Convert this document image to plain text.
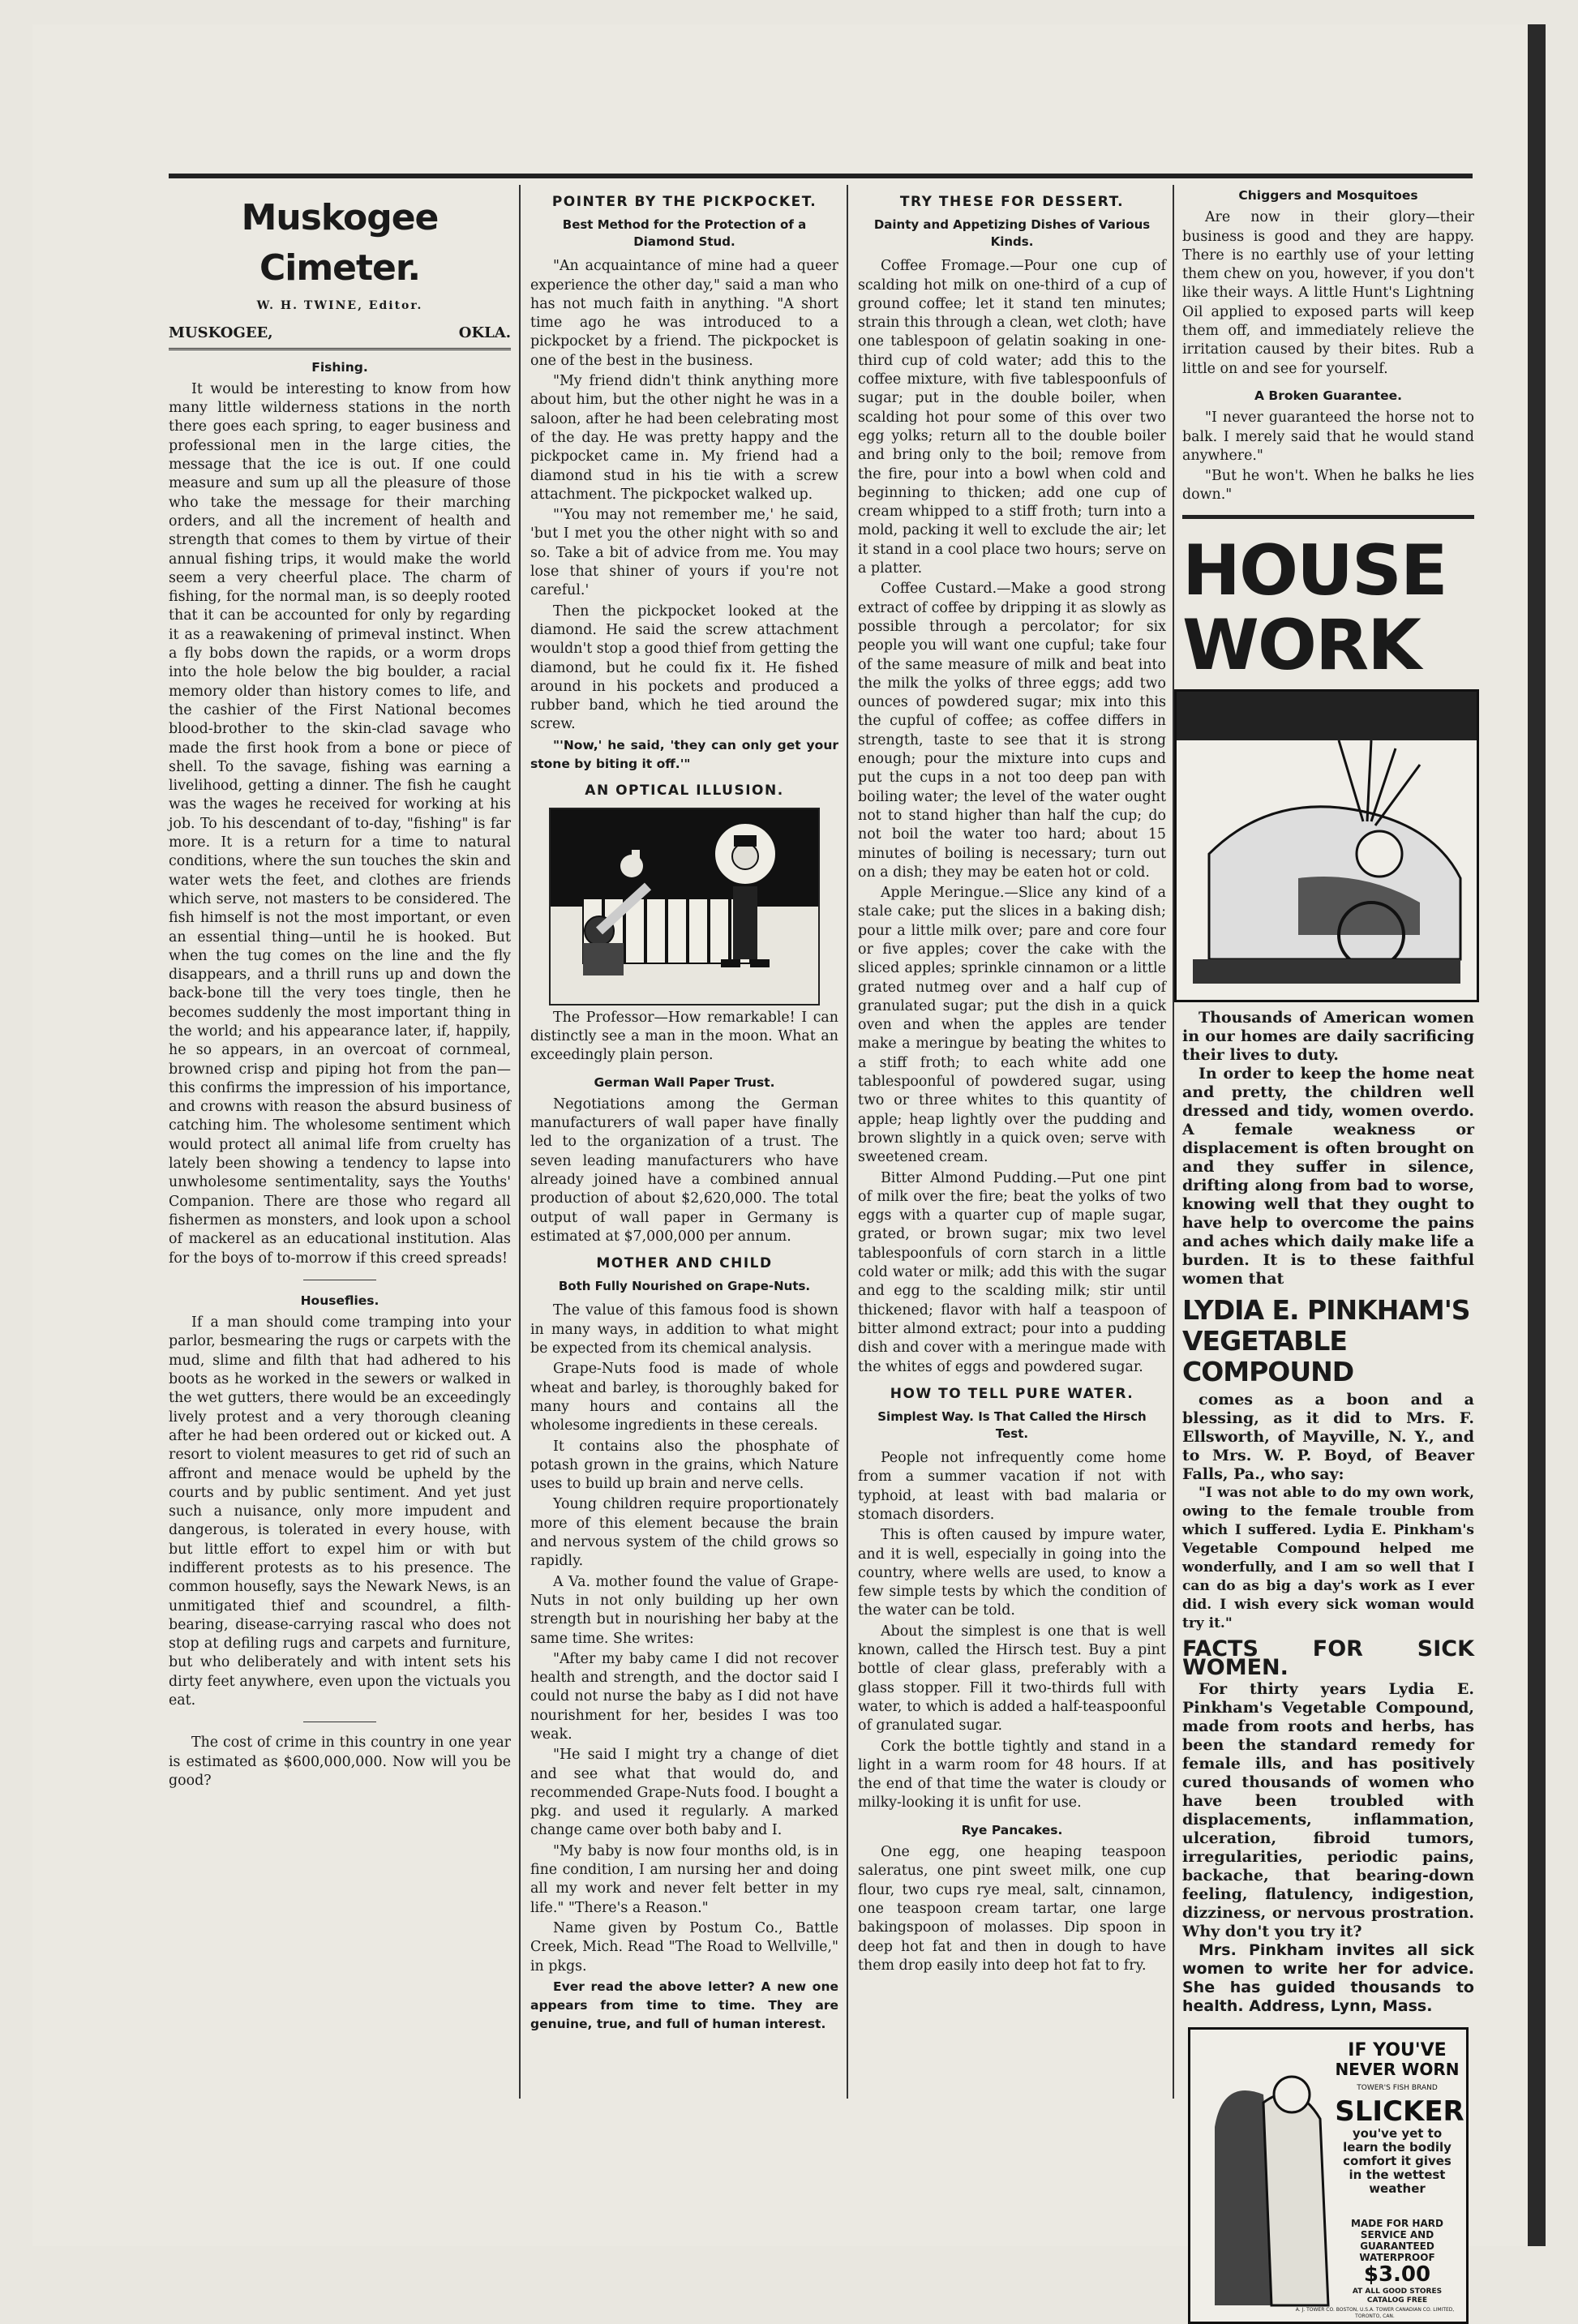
Muskogee Cimeter.
W. H. TWINE, Editor.
MUSKOGEE,	OKLA.
Fishing.

It would be interesting to know from how many little wilderness stations in the north there goes each spring, to eager business and professional men in the large cities, the message that the ice is out. If one could measure and sum up all the pleasure of those who take the message for their marching orders, and all the increment of health and strength that comes to them by virtue of their annual fishing trips, it would make the world seem a very cheerful place. The charm of fishing, for the normal man, is so deeply rooted that it can be accounted for only by regarding it as a reawakening of primeval instinct. When a fly bobs down the rapids, or a worm drops into the hole below the big boulder, a racial memory older than history comes to life, and the cashier of the First National becomes blood-brother to the skin-clad savage who made the first hook from a bone or piece of shell. To the savage, fishing was earning a livelihood, getting a dinner. The fish he caught was the wages he received for working at his job. To his descendant of to-day, "fishing" is far more. It is a return for a time to natural conditions, where the sun touches the skin and water wets the feet, and clothes are friends which serve, not masters to be considered. The fish himself is not the most important, or even an essential thing—until he is hooked. But when the tug comes on the line and the fly disappears, and a thrill runs up and down the back-bone till the very toes tingle, then he becomes suddenly the most important thing in the world; and his appearance later, if, happily, he so appears, in an overcoat of cornmeal, browned crisp and piping hot from the pan—this confirms the impression of his importance, and crowns with reason the absurd business of catching him. The wholesome sentiment which would protect all animal life from cruelty has lately been showing a tendency to lapse into unwholesome sentimentality, says the Youths' Companion. There are those who regard all fishermen as monsters, and look upon a school of mackerel as an educational institution. Alas for the boys of to-morrow if this creed spreads!

Houseflies.

If a man should come tramping into your parlor, besmearing the rugs or carpets with the mud, slime and filth that had adhered to his boots as he worked in the sewers or walked in the wet gutters, there would be an exceedingly lively protest and a very thorough cleaning after he had been ordered out or kicked out. A resort to violent measures to get rid of such an affront and menace would be upheld by the courts and by public sentiment. And yet just such a nuisance, only more impudent and dangerous, is tolerated in every house, with but little effort to expel him or with but indifferent protests as to his presence. The common housefly, says the Newark News, is an unmitigated thief and scoundrel, a filth-bearing, disease-carrying rascal who does not stop at defiling rugs and carpets and furniture, but who deliberately and with intent sets his dirty feet anywhere, even upon the victuals you eat.

The cost of crime in this country in one year is estimated as $600,000,000. Now will you be good?

POINTER BY THE PICKPOCKET.
Best Method for the Protection of a Diamond Stud.

"An acquaintance of mine had a queer experience the other day," said a man who has not much faith in anything. "A short time ago he was introduced to a pickpocket by a friend. The pickpocket is one of the best in the business.

"My friend didn't think anything more about him, but the other night he was in a saloon, after he had been celebrating most of the day. He was pretty happy and the pickpocket came in. My friend had a diamond stud in his tie with a screw attachment. The pickpocket walked up.

"'You may not remember me,' he said, 'but I met you the other night with so and so. Take a bit of advice from me. You may lose that shiner of yours if you're not careful.'

Then the pickpocket looked at the diamond. He said the screw attachment wouldn't stop a good thief from getting the diamond, but he could fix it. He fished around in his pockets and produced a rubber band, which he tied around the screw.

"'Now,' he said, 'they can only get your stone by biting it off.'"

AN OPTICAL ILLUSION.

The Professor—How remarkable! I can distinctly see a man in the moon. What an exceedingly plain person.

German Wall Paper Trust.

Negotiations among the German manufacturers of wall paper have finally led to the organization of a trust. The seven leading manufacturers who have already joined have a combined annual production of about $2,620,000. The total output of wall paper in Germany is estimated at $7,000,000 per annum.

MOTHER AND CHILD
Both Fully Nourished on Grape-Nuts.

The value of this famous food is shown in many ways, in addition to what might be expected from its chemical analysis.

Grape-Nuts food is made of whole wheat and barley, is thoroughly baked for many hours and contains all the wholesome ingredients in these cereals.

It contains also the phosphate of potash grown in the grains, which Nature uses to build up brain and nerve cells.

Young children require proportionately more of this element because the brain and nervous system of the child grows so rapidly.

A Va. mother found the value of Grape-Nuts in not only building up her own strength but in nourishing her baby at the same time. She writes:

"After my baby came I did not recover health and strength, and the doctor said I could not nurse the baby as I did not have nourishment for her, besides I was too weak.

"He said I might try a change of diet and see what that would do, and recommended Grape-Nuts food. I bought a pkg. and used it regularly. A marked change came over both baby and I.

"My baby is now four months old, is in fine condition, I am nursing her and doing all my work and never felt better in my life." "There's a Reason."

Name given by Postum Co., Battle Creek, Mich. Read "The Road to Wellville," in pkgs.

Ever read the above letter? A new one appears from time to time. They are genuine, true, and full of human interest.

TRY THESE FOR DESSERT.
Dainty and Appetizing Dishes of Various Kinds.

Coffee Fromage.—Pour one cup of scalding hot milk on one-third of a cup of ground coffee; let it stand ten minutes; strain this through a clean, wet cloth; have one tablespoon of gelatin soaking in one-third cup of cold water; add this to the coffee mixture, with five tablespoonfuls of sugar; put in the double boiler, when scalding hot pour some of this over two egg yolks; return all to the double boiler and bring only to the boil; remove from the fire, pour into a bowl when cold and beginning to thicken; add one cup of cream whipped to a stiff froth; turn into a mold, packing it well to exclude the air; let it stand in a cool place two hours; serve on a platter.

Coffee Custard.—Make a good strong extract of coffee by dripping it as slowly as possible through a percolator; for six people you will want one cupful; take four of the same measure of milk and beat into the milk the yolks of three eggs; add two ounces of powdered sugar; mix into this the cupful of coffee; as coffee differs in strength, taste to see that it is strong enough; pour the mixture into cups and put the cups in a not too deep pan with boiling water; the level of the water ought not to stand higher than half the cup; do not boil the water too hard; about 15 minutes of boiling is necessary; turn out on a dish; they may be eaten hot or cold.

Apple Meringue.—Slice any kind of a stale cake; put the slices in a baking dish; pour a little milk over; pare and core four or five apples; cover the cake with the sliced apples; sprinkle cinnamon or a little grated nutmeg over and a half cup of granulated sugar; put the dish in a quick oven and when the apples are tender make a meringue by beating the whites to a stiff froth; to each white add one tablespoonful of powdered sugar, using two or three whites to this quantity of apple; heap lightly over the pudding and brown slightly in a quick oven; serve with sweetened cream.

Bitter Almond Pudding.—Put one pint of milk over the fire; beat the yolks of two eggs with a quarter cup of maple sugar, grated, or brown sugar; mix two level tablespoonfuls of corn starch in a little cold water or milk; add this with the sugar and egg to the scalding milk; stir until thickened; flavor with half a teaspoon of bitter almond extract; pour into a pudding dish and cover with a meringue made with the whites of eggs and powdered sugar.

HOW TO TELL PURE WATER.
Simplest Way. Is That Called the Hirsch Test.

People not infrequently come home from a summer vacation if not with typhoid, at least with bad malaria or stomach disorders.

This is often caused by impure water, and it is well, especially in going into the country, where wells are used, to know a few simple tests by which the condition of the water can be told.

About the simplest is one that is well known, called the Hirsch test. Buy a pint bottle of clear glass, preferably with a glass stopper. Fill it two-thirds full with water, to which is added a half-teaspoonful of granulated sugar.

Cork the bottle tightly and stand in a light in a warm room for 48 hours. If at the end of that time the water is cloudy or milky-looking it is unfit for use.

Rye Pancakes.

One egg, one heaping teaspoon saleratus, one pint sweet milk, one cup flour, two cups rye meal, salt, cinnamon, one teaspoon cream tartar, one large bakingspoon of molasses. Dip spoon in deep hot fat and then in dough to have them drop easily into deep hot fat to fry.

Chiggers and Mosquitoes

Are now in their glory—their business is good and they are happy. There is no earthly use of your letting them chew on you, however, if you don't like their ways. A little Hunt's Lightning Oil applied to exposed parts will keep them off, and immediately relieve the irritation caused by their bites. Rub a little on and see for yourself.

A Broken Guarantee.

"I never guaranteed the horse not to balk. I merely said that he would stand anywhere."

"But he won't. When he balks he lies down."

HOUSE
WORK

Thousands of American women in our homes are daily sacrificing their lives to duty.

In order to keep the home neat and pretty, the children well dressed and tidy, women overdo. A female weakness or displacement is often brought on and they suffer in silence, drifting along from bad to worse, knowing well that they ought to have help to overcome the pains and aches which daily make life a burden. It is to these faithful women that

LYDIA E. PINKHAM'S
VEGETABLE COMPOUND

comes as a boon and a blessing, as it did to Mrs. F. Ellsworth, of Mayville, N. Y., and to Mrs. W. P. Boyd, of Beaver Falls, Pa., who say:

"I was not able to do my own work, owing to the female trouble from which I suffered. Lydia E. Pinkham's Vegetable Compound helped me wonderfully, and I am so well that I can do as big a day's work as I ever did. I wish every sick woman would try it."

FACTS FOR SICK WOMEN.

For thirty years Lydia E. Pinkham's Vegetable Compound, made from roots and herbs, has been the standard remedy for female ills, and has positively cured thousands of women who have been troubled with displacements, inflammation, ulceration, fibroid tumors, irregularities, periodic pains, backache, that bearing-down feeling, flatulency, indigestion, dizziness, or nervous prostration. Why don't you try it?

Mrs. Pinkham invites all sick women to write her for advice. She has guided thousands to health. Address, Lynn, Mass.

IF YOU'VE
NEVER WORN
TOWER'S FISH BRAND
SLICKER
you've yet to learn the bodily comfort it gives in the wettest weather
MADE FOR HARD SERVICE AND GUARANTEED WATERPROOF
$3.00
AT ALL GOOD STORES CATALOG FREE
A. J. TOWER CO. BOSTON, U.S.A. TOWER CANADIAN CO. LIMITED, TORONTO, CAN.
